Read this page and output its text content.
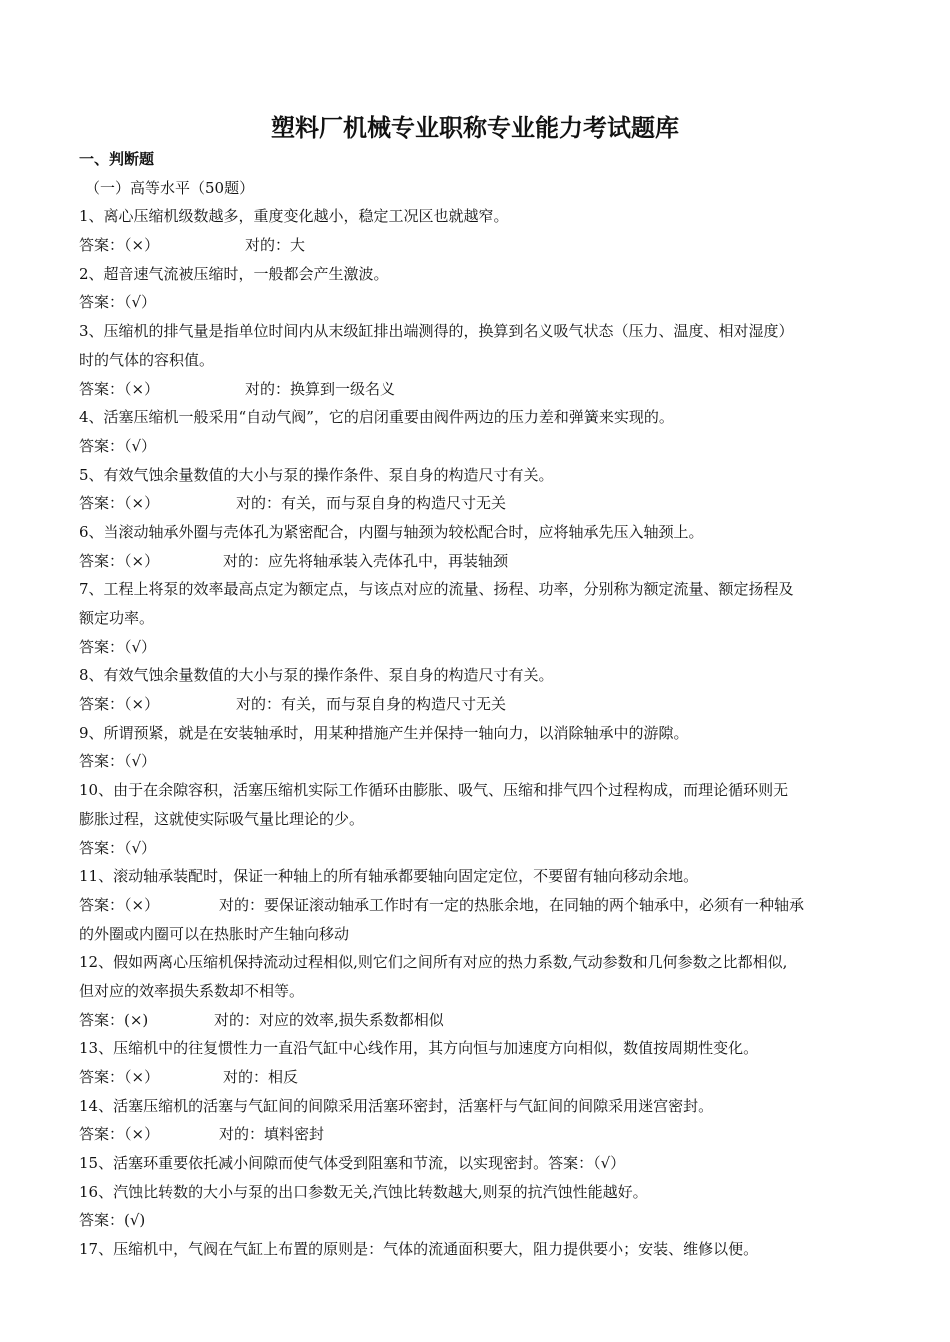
塑料厂机械专业职称专业能力考试题库
一、判断题
（一）高等水平（50题）
1、离心压缩机级数越多，重度变化越小，稳定工况区也就越窄。
答案：（×）	对的：大
2、超音速气流被压缩时，一般都会产生激波。
答案：（√）
3、压缩机的排气量是指单位时间内从末级缸排出端测得的，换算到名义吸气状态（压力、温度、相对湿度）
时的气体的容积值。
答案：（×）	对的：换算到一级名义
4、活塞压缩机一般采用“自动气阀”，它的启闭重要由阀件两边的压力差和弹簧来实现的。
答案：（√）
5、有效气蚀余量数值的大小与泵的操作条件、泵自身的构造尺寸有关。
答案：（×）	对的：有关，而与泵自身的构造尺寸无关
6、当滚动轴承外圈与壳体孔为紧密配合，内圈与轴颈为较松配合时，应将轴承先压入轴颈上。
答案：（×）	对的：应先将轴承装入壳体孔中，再装轴颈
7、工程上将泵的效率最高点定为额定点，与该点对应的流量、扬程、功率，分别称为额定流量、额定扬程及
额定功率。
答案：（√）
8、有效气蚀余量数值的大小与泵的操作条件、泵自身的构造尺寸有关。
答案：（×）	对的：有关，而与泵自身的构造尺寸无关
9、所谓预紧，就是在安装轴承时，用某种措施产生并保持一轴向力，以消除轴承中的游隙。
答案：（√）
10、由于在余隙容积，活塞压缩机实际工作循环由膨胀、吸气、压缩和排气四个过程构成，而理论循环则无
膨胀过程，这就使实际吸气量比理论的少。
答案：（√）
11、滚动轴承装配时，保证一种轴上的所有轴承都要轴向固定定位，不要留有轴向移动余地。
答案：（×）	对的：要保证滚动轴承工作时有一定的热胀余地，在同轴的两个轴承中，必须有一种轴承
的外圈或内圈可以在热胀时产生轴向移动
12、假如两离心压缩机保持流动过程相似,则它们之间所有对应的热力系数,气动参数和几何参数之比都相似,
但对应的效率损失系数却不相等。
答案：(×)	对的：对应的效率,损失系数都相似
13、压缩机中的往复惯性力一直沿气缸中心线作用，其方向恒与加速度方向相似，数值按周期性变化。
答案：（×）	对的：相反
14、活塞压缩机的活塞与气缸间的间隙采用活塞环密封，活塞杆与气缸间的间隙采用迷宫密封。
答案：（×）	对的：填料密封
15、活塞环重要依托减小间隙而使气体受到阻塞和节流，以实现密封。答案：（√）
16、汽蚀比转数的大小与泵的出口参数无关,汽蚀比转数越大,则泵的抗汽蚀性能越好。
答案：(√)
17、压缩机中，气阀在气缸上布置的原则是：气体的流通面积要大，阻力提供要小；安装、维修以便。
